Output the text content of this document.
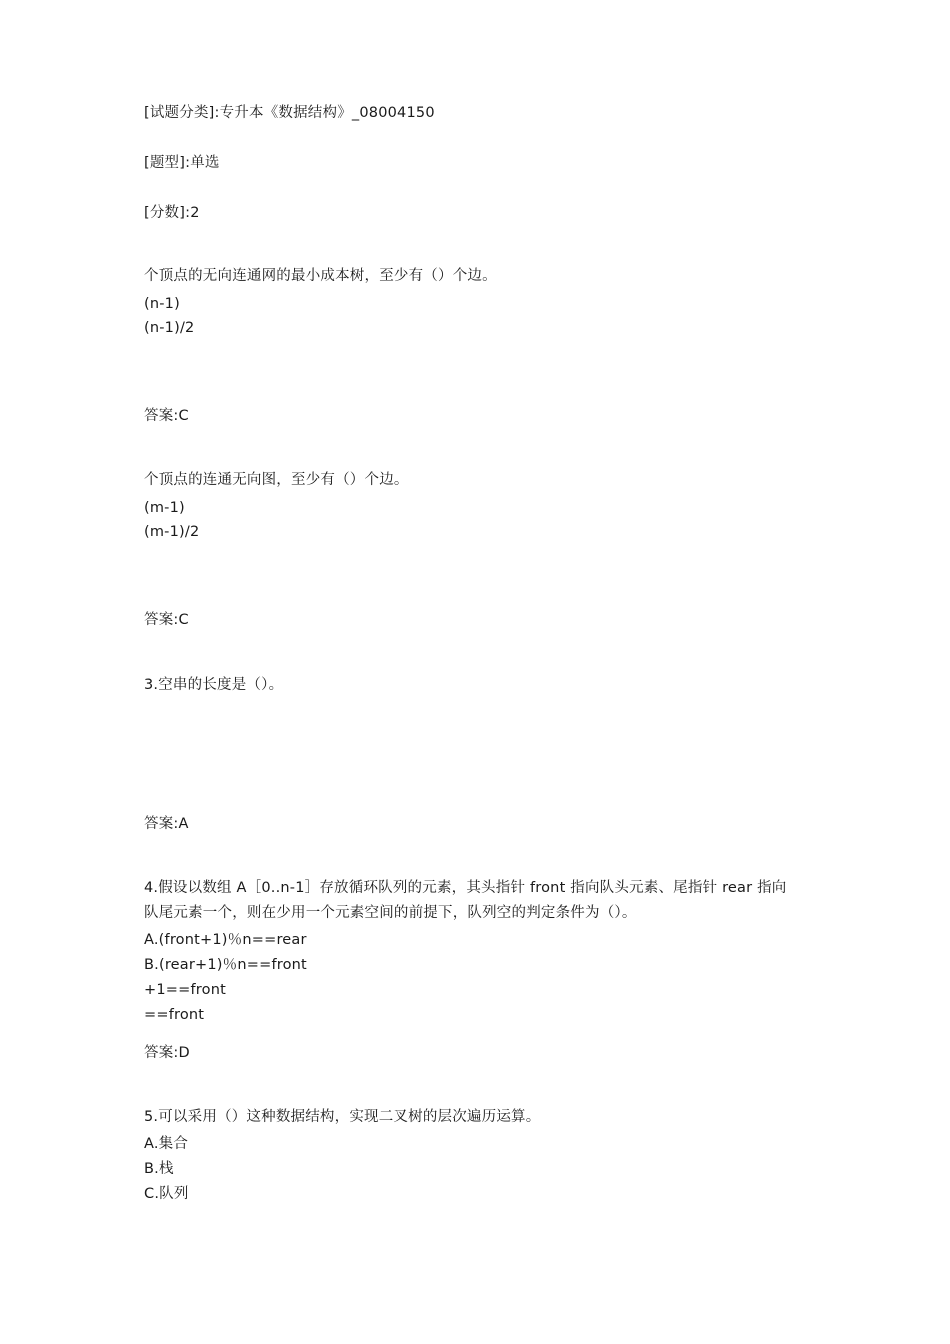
[试题分类]:专升本《数据结构》_08004150
[题型]:单选
[分数]:2
个顶点的无向连通网的最小成本树，至少有（）个边。
(n-1)
(n-1)/2
答案:C
个顶点的连通无向图，至少有（）个边。
(m-1)
(m-1)/2
答案:C
3.空串的长度是（）。
答案:A
4.假设以数组 A［0..n-1］存放循环队列的元素，其头指针 front 指向队头元素、尾指针 rear 指向
队尾元素一个，则在少用一个元素空间的前提下，队列空的判定条件为（）。
A.(front+1)％n==rear
B.(rear+1)％n==front
+1==front
==front
答案:D
5.可以采用（）这种数据结构，实现二叉树的层次遍历运算。
A.集合
B.栈
C.队列
